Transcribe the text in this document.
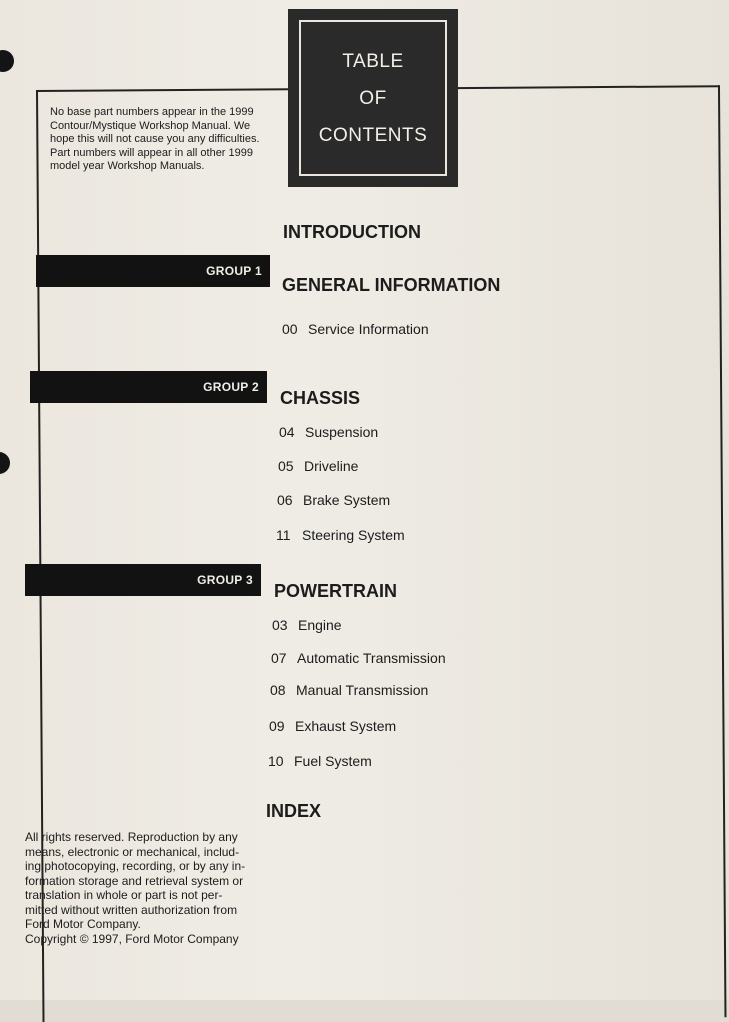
TABLE
OF
CONTENTS
No base part numbers appear in the 1999
Contour/Mystique Workshop Manual. We
hope this will not cause you any difficulties.
Part numbers will appear in all other 1999
model year Workshop Manuals.
INTRODUCTION
GROUP 1
GENERAL INFORMATION
00 Service Information
GROUP 2
CHASSIS
04 Suspension
05 Driveline
06 Brake System
11 Steering System
GROUP 3
POWERTRAIN
03 Engine
07 Automatic Transmission
08 Manual Transmission
09 Exhaust System
10 Fuel System
INDEX
All rights reserved. Reproduction by any
means, electronic or mechanical, includ-
ing photocopying, recording, or by any in-
formation storage and retrieval system or
translation in whole or part is not per-
mitted without written authorization from
Ford Motor Company.
Copyright © 1997, Ford Motor Company
